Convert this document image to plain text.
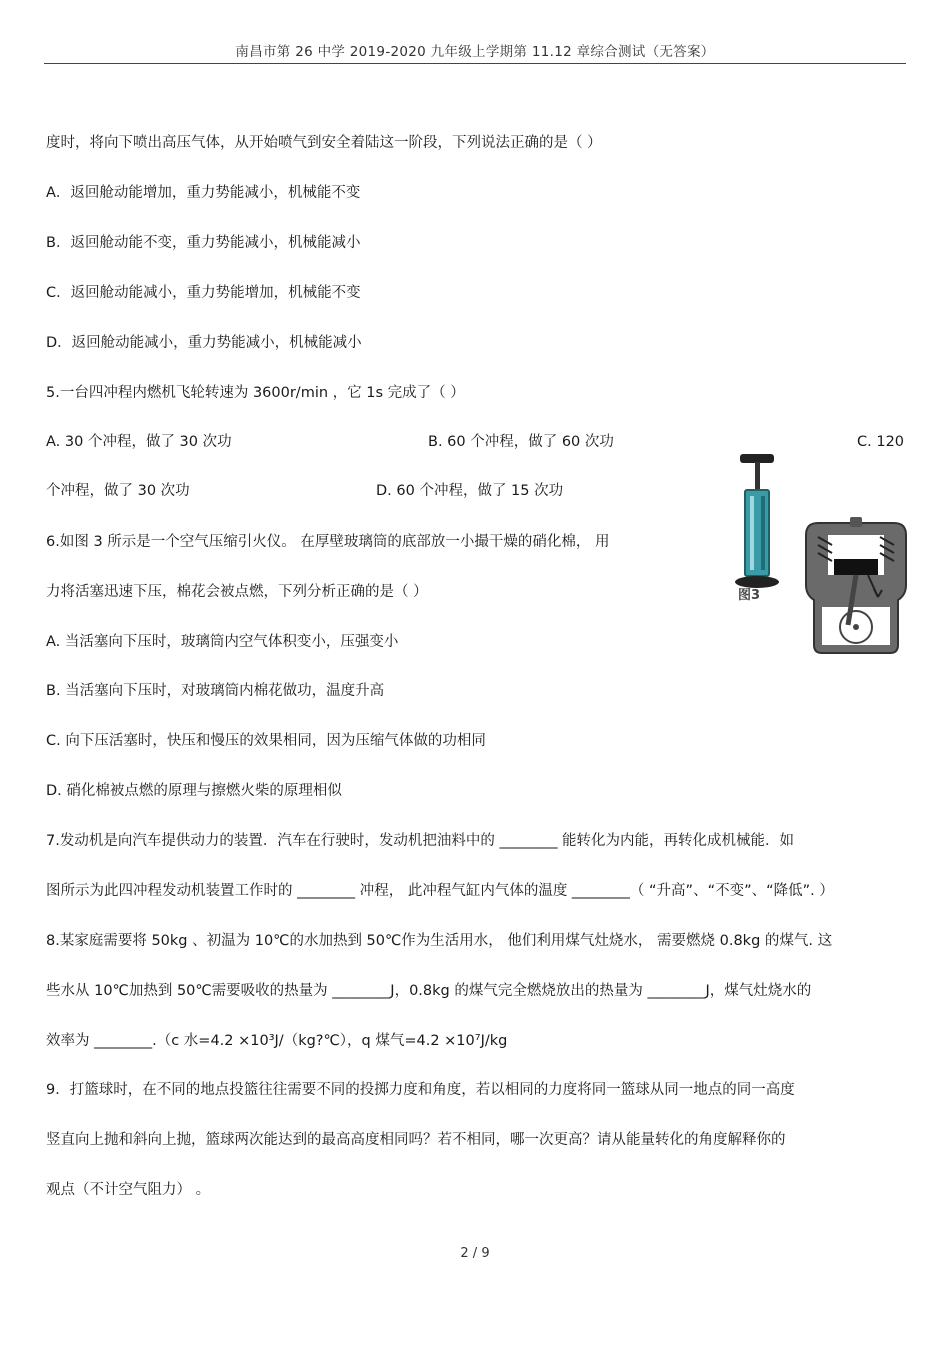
南昌市第 26 中学 2019-2020 九年级上学期第 11.12 章综合测试（无答案）
度时，将向下喷出高压气体，从开始喷气到安全着陆这一阶段，下列说法正确的是（ ）
A．返回舱动能增加，重力势能减小，机械能不变
B．返回舱动能不变，重力势能减小，机械能减小
C．返回舱动能减小，重力势能增加，机械能不变
D．返回舱动能减小，重力势能减小，机械能减小
5.一台四冲程内燃机飞轮转速为 3600r/min ，它 1s 完成了（ ）
A. 30 个冲程，做了 30 次功	B. 60 个冲程，做了 60 次功	C. 120
个冲程，做了 30 次功	D. 60 个冲程，做了 15 次功
6.如图 3 所示是一个空气压缩引火仪。 在厚壁玻璃筒的底部放一小撮干燥的硝化棉， 用
力将活塞迅速下压，棉花会被点燃，下列分析正确的是（ ）
A. 当活塞向下压时，玻璃筒内空气体积变小，压强变小
B. 当活塞向下压时，对玻璃筒内棉花做功，温度升高
C. 向下压活塞时，快压和慢压的效果相同，因为压缩气体做的功相同
D. 硝化棉被点燃的原理与擦燃火柴的原理相似
7.发动机是向汽车提供动力的装置．汽车在行驶时，发动机把油料中的 ________ 能转化为内能，再转化成机械能．如
图所示为此四冲程发动机装置工作时的 ________ 冲程， 此冲程气缸内气体的温度 ________（ “升高”、“不变”、“降低”. ）
8.某家庭需要将 50kg 、初温为 10℃的水加热到 50℃作为生活用水， 他们利用煤气灶烧水， 需要燃烧 0.8kg 的煤气. 这
些水从 10℃加热到 50℃需要吸收的热量为 ________J，0.8kg 的煤气完全燃烧放出的热量为 ________J，煤气灶烧水的
效率为 ________.（c 水=4.2 ×10³J/（kg?℃），q 煤气=4.2 ×10⁷J/kg
9．打篮球时，在不同的地点投篮往往需要不同的投掷力度和角度，若以相同的力度将同一篮球从同一地点的同一高度
竖直向上抛和斜向上抛，篮球两次能达到的最高高度相同吗？若不相同，哪一次更高？请从能量转化的角度解释你的
观点（不计空气阻力） 。
图3
2 / 9
